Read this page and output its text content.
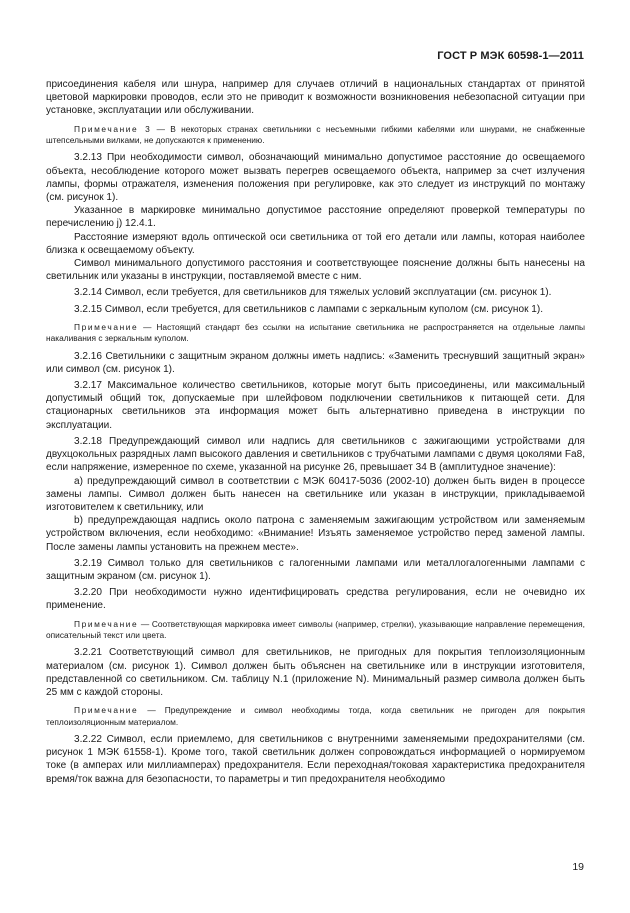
ГОСТ Р МЭК 60598-1—2011

присоединения кабеля или шнура, например для случаев отличий в национальных стандартах от принятой цветовой маркировки проводов, если это не приводит к возможности возникновения небезопасной ситуации при установке, эксплуатации или обслуживании.

Примечание 3 — В некоторых странах светильники с несъемными гибкими кабелями или шнурами, не снабженные штепсельными вилками, не допускаются к применению.

3.2.13 При необходимости символ, обозначающий минимально допустимое расстояние до освещаемого объекта, несоблюдение которого может вызвать перегрев освещаемого объекта, например за счет излучения лампы, формы отражателя, изменения положения при регулировке, как это следует из инструкций по монтажу (см. рисунок 1).

Указанное в маркировке минимально допустимое расстояние определяют проверкой температуры по перечислению j) 12.4.1.

Расстояние измеряют вдоль оптической оси светильника от той его детали или лампы, которая наиболее близка к освещаемому объекту.

Символ минимального допустимого расстояния и соответствующее пояснение должны быть нанесены на светильник или указаны в инструкции, поставляемой вместе с ним.

3.2.14 Символ, если требуется, для светильников для тяжелых условий эксплуатации (см. рисунок 1).

3.2.15 Символ, если требуется, для светильников с лампами с зеркальным куполом (см. рисунок 1).

Примечание — Настоящий стандарт без ссылки на испытание светильника не распространяется на отдельные лампы накаливания с зеркальным куполом.

3.2.16 Светильники с защитным экраном должны иметь надпись: «Заменить треснувший защитный экран» или символ (см. рисунок 1).

3.2.17 Максимальное количество светильников, которые могут быть присоединены, или максимальный допустимый общий ток, допускаемые при шлейфовом подключении светильников к питающей сети. Для стационарных светильников эта информация может быть альтернативно приведена в инструкции по эксплуатации.

3.2.18 Предупреждающий символ или надпись для светильников с зажигающими устройствами для двухцокольных разрядных ламп высокого давления и светильников с трубчатыми лампами с двумя цоколями Fa8, если напряжение, измеренное по схеме, указанной на рисунке 26, превышает 34 В (амплитудное значение):

a) предупреждающий символ в соответствии с МЭК 60417-5036 (2002-10) должен быть виден в процессе замены лампы. Символ должен быть нанесен на светильнике или указан в инструкции, прикладываемой изготовителем к светильнику, или

b) предупреждающая надпись около патрона с заменяемым зажигающим устройством или заменяемым устройством включения, если необходимо: «Внимание! Изъять заменяемое устройство перед заменой лампы. После замены лампы установить на прежнем месте».

3.2.19 Символ только для светильников с галогенными лампами или металлогалогенными лампами с защитным экраном (см. рисунок 1).

3.2.20 При необходимости нужно идентифицировать средства регулирования, если не очевидно их применение.

Примечание — Соответствующая маркировка имеет символы (например, стрелки), указывающие направление перемещения, описательный текст или цвета.

3.2.21 Соответствующий символ для светильников, не пригодных для покрытия теплоизоляционным материалом (см. рисунок 1). Символ должен быть объяснен на светильнике или в инструкции изготовителя, представленной со светильником. См. таблицу N.1 (приложение N). Минимальный размер символа должен быть 25 мм с каждой стороны.

Примечание — Предупреждение и символ необходимы тогда, когда светильник не пригоден для покрытия теплоизоляционным материалом.

3.2.22 Символ, если приемлемо, для светильников с внутренними заменяемыми предохранителями (см. рисунок 1 МЭК 61558-1). Кроме того, такой светильник должен сопровождаться информацией о нормируемом токе (в амперах или миллиамперах) предохранителя. Если переходная/токовая характеристика предохранителя время/ток важна для безопасности, то параметры и тип предохранителя необходимо

19
